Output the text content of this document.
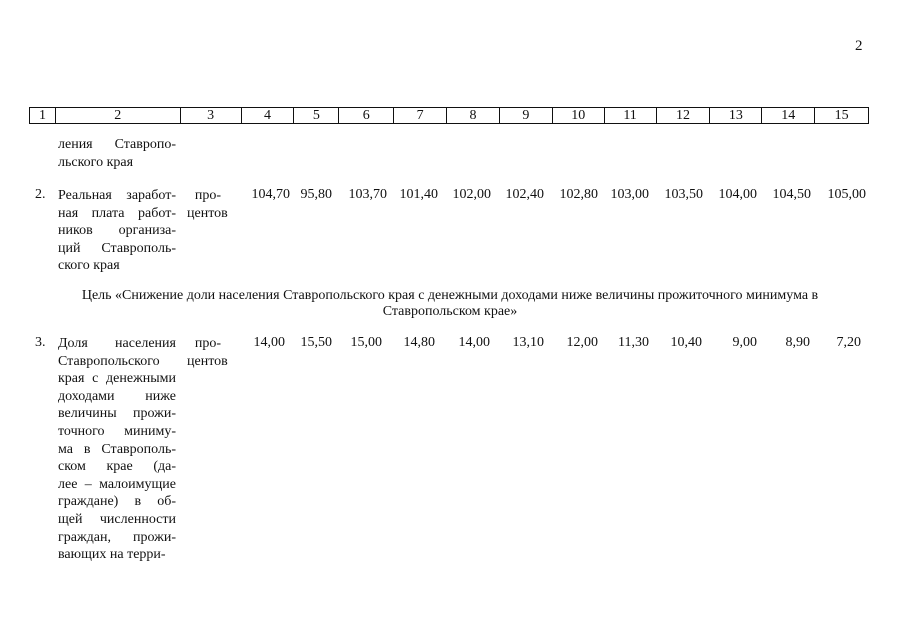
2
1	2	3	4	5	6	7	8	9	10	11	12	13	14	15
ления Ставропо-
льского края
2. Реальная заработ-
ная плата работ-
ников организа-
ций Ставрополь-
ского края
про-
центов
104,70 95,80	103,70 101,40	102,00	102,40	102,80 103,00	103,50	104,00	104,50	105,00
Цель «Снижение доли населения Ставропольского края с денежными доходами ниже величины прожиточного минимума в
Ставропольском крае»
3. Доля населения
Ставропольского
края с денежными
доходами ниже
величины прожи-
точного миниму-
ма в Ставрополь-
ском крае (да-
лее – малоимущие
граждане) в об-
щей численности
граждан, прожи-
вающих на терри-
про-
центов
14,00	15,50	15,00	14,80	14,00	13,10	12,00	11,30	10,40	9,00	8,90	7,20
